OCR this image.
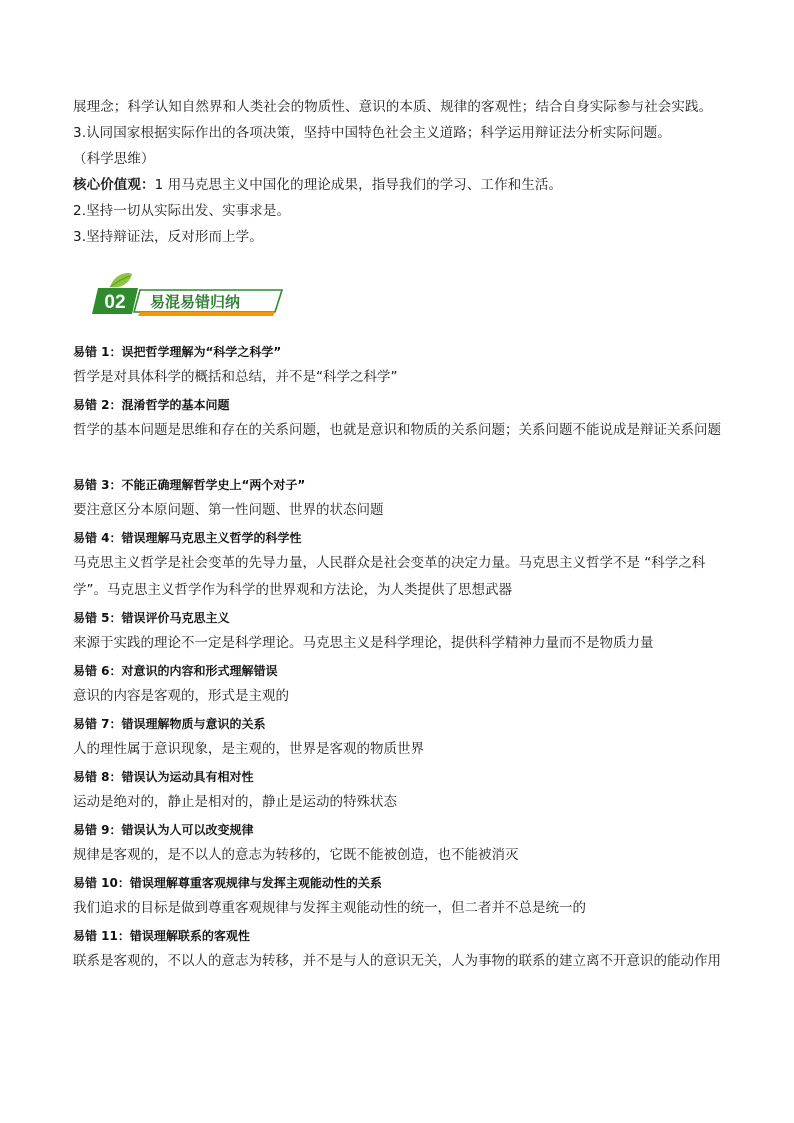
展理念；科学认知自然界和人类社会的物质性、意识的本质、规律的客观性；结合自身实际参与社会实践。
3.认同国家根据实际作出的各项决策，坚持中国特色社会主义道路；科学运用辩证法分析实际问题。
（科学思维）
核心价值观：1 用马克思主义中国化的理论成果，指导我们的学习、工作和生活。
2.坚持一切从实际出发、实事求是。
3.坚持辩证法，反对形而上学。
02 易混易错归纳
易错 1：误把哲学理解为“科学之科学”
哲学是对具体科学的概括和总结，并不是“科学之科学”
易错 2：混淆哲学的基本问题
哲学的基本问题是思维和存在的关系问题，也就是意识和物质的关系问题；关系问题不能说成是辩证关系问题
易错 3：不能正确理解哲学史上“两个对子”
要注意区分本原问题、第一性问题、世界的状态问题
易错 4：错误理解马克思主义哲学的科学性
马克思主义哲学是社会变革的先导力量，人民群众是社会变革的决定力量。马克思主义哲学不是 “科学之科学”。马克思主义哲学作为科学的世界观和方法论，为人类提供了思想武器
易错 5：错误评价马克思主义
来源于实践的理论不一定是科学理论。马克思主义是科学理论，提供科学精神力量而不是物质力量
易错 6：对意识的内容和形式理解错误
意识的内容是客观的，形式是主观的
易错 7：错误理解物质与意识的关系
人的理性属于意识现象，是主观的，世界是客观的物质世界
易错 8：错误认为运动具有相对性
运动是绝对的，静止是相对的，静止是运动的特殊状态
易错 9：错误认为人可以改变规律
规律是客观的，是不以人的意志为转移的，它既不能被创造，也不能被消灭
易错 10：错误理解尊重客观规律与发挥主观能动性的关系
我们追求的目标是做到尊重客观规律与发挥主观能动性的统一，但二者并不总是统一的
易错 11：错误理解联系的客观性
联系是客观的，不以人的意志为转移，并不是与人的意识无关，人为事物的联系的建立离不开意识的能动作用
